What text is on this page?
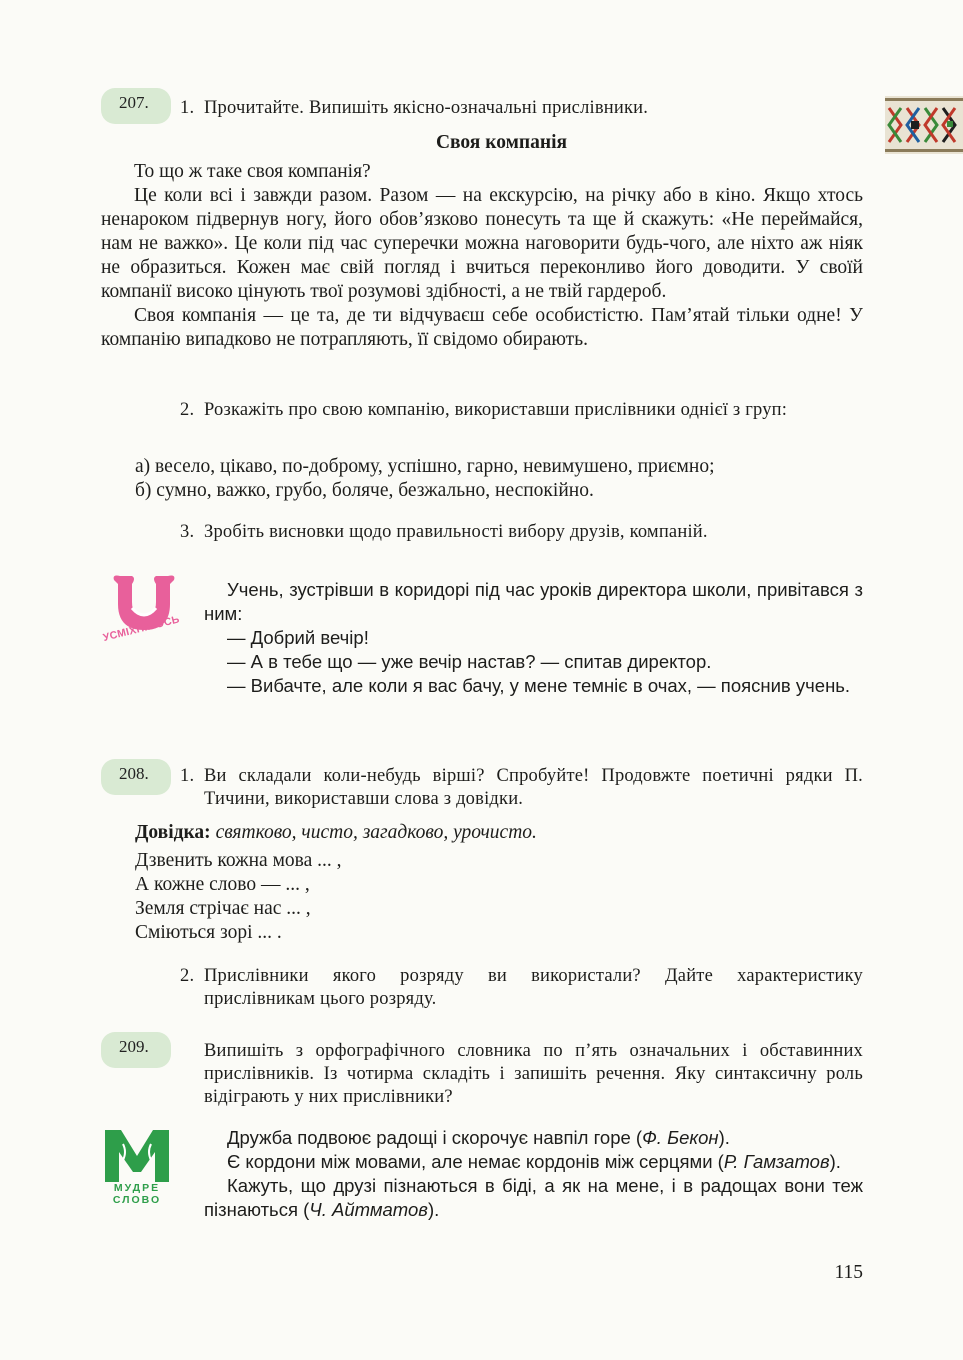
207.	1. Прочитайте. Випишіть якісно-означальні прислівники.
Своя компанія

То що ж таке своя компанія?

Це коли всі і завжди разом. Разом — на екскурсію, на річку або в кіно. Якщо хтось ненароком підвернув ногу, його обов’язково понесуть та ще й скажуть: «Не переймайся, нам не важко». Це коли під час суперечки можна наговорити будь-чого, але ніхто аж ніяк не образиться. Кожен має свій погляд і вчиться переконливо його доводити. У своїй компанії високо цінують твої розумові здібності, а не твій гардероб.

Своя компанія — це та, де ти відчуваєш себе особистістю. Пам’ятай тільки одне! У компанію випадково не потрапляють, її свідомо обирають.

2. Розкажіть про свою компанію, використавши прислівники однієї з груп:
а) весело, цікаво, по-доброму, успішно, гарно, невимушено, приємно;
б) сумно, важко, грубо, боляче, безжально, неспокійно.
3. Зробіть висновки щодо правильності вибору друзів, компаній.
УСМІХНІМОСЬ

Учень, зустрівши в коридорі під час уроків директора школи, привітався з ним:

— Добрий вечір!

— А в тебе що — уже вечір настав? — спитав директор.

— Вибачте, але коли я вас бачу, у мене темніє в очах, — пояснив учень.

208.	1. Ви складали коли-небудь вірші? Спробуйте! Продовжте поетичні рядки П. Тичини, використавши слова з довідки.
Довідка: святково, чисто, загадково, урочисто.

Дзвенить кожна мова ... ,

А кожне слово — ... ,

Земля стрічає нас ... ,

Сміються зорі ... .

2. Прислівники якого розряду ви використали? Дайте характеристику прислівникам цього розряду.
209.	Випишіть з орфографічного словника по п’ять означальних і обставинних прислівників. Із чотирма складіть і запишіть речення. Яку синтаксичну роль відіграють у них прислівники?
МУДРЕ
СЛОВО

Дружба подвоює радощі і скорочує навпіл горе (Ф. Бекон).

Є кордони між мовами, але немає кордонів між серцями (Р. Гамзатов).

Кажуть, що друзі пізнаються в біді, а як на мене, і в радощах вони теж пізнаються (Ч. Айтматов).

115
